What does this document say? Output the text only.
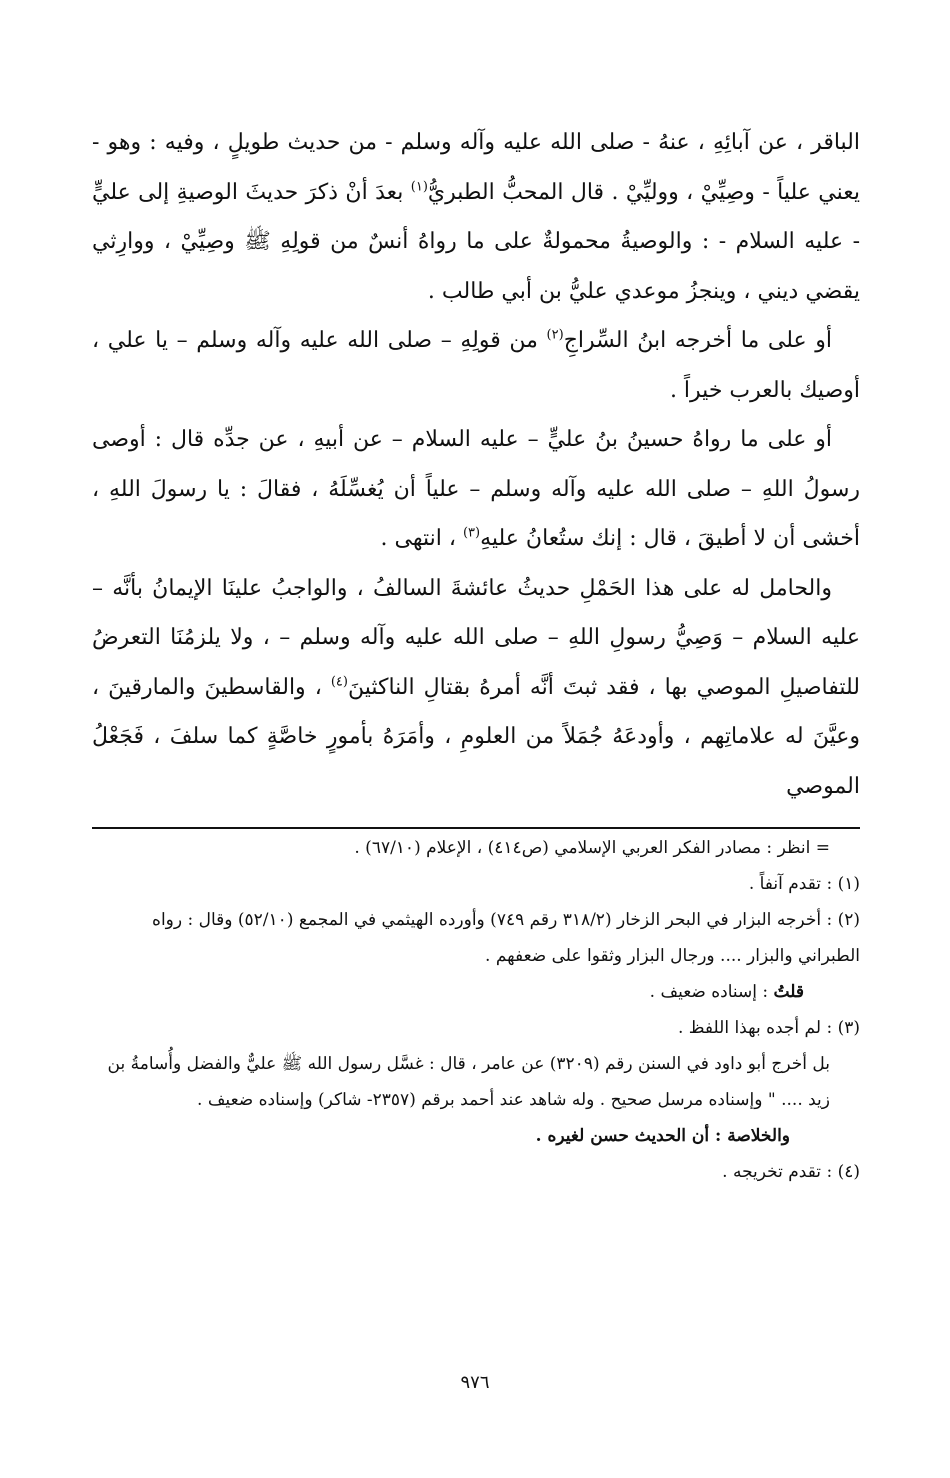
الباقر ، عن آبائِهِ ، عنهُ - صلى الله عليه وآله وسلم - من حديث طويلٍ ، وفيه : وهو - يعني علياً - وصِيِّيْ ، ووليِّيْ . قال المحبُّ الطبريُّ$^{(١)}$ بعدَ أنْ ذكرَ حديثَ الوصيةِ إلى عليٍّ - عليه السلام - : والوصيةُ محمولةٌ على ما رواهُ أنسٌ من قولِهِ ﷺ وصِيِّيْ ، ووارِثي يقضي ديني ، وينجزُ موعدي عليُّ بن أبي طالب .

أو على ما أخرجه ابنُ السِّراجِ$^{(٢)}$ من قولِهِ – صلى الله عليه وآله وسلم – يا علي ، أوصيك بالعرب خيراً .

أو على ما رواهُ حسينُ بنُ عليٍّ – عليه السلام – عن أبيهِ ، عن جدِّه قال : أوصى رسولُ اللهِ – صلى الله عليه وآله وسلم – علياً أن يُغسِّلَهُ ، فقالَ : يا رسولَ اللهِ ، أخشى أن لا أطيقَ ، قال : إنك ستُعانُ عليهِ$^{(٣)}$ ، انتهى .

والحامل له على هذا الحَمْلِ حديثُ عائشةَ السالفُ ، والواجبُ علينَا الإيمانُ بأنَّه – عليه السلام – وَصِيُّ رسولِ اللهِ – صلى الله عليه وآله وسلم – ، ولا يلزمُنَا التعرضُ للتفاصيلِ الموصي بها ، فقد ثبتَ أنَّه أمرهُ بقتالِ الناكثينَ$^{(٤)}$ ، والقاسطينَ والمارقينَ ، وعيَّنَ له علاماتِهم ، وأودعَهُ جُمَلاً من العلومِ ، وأمَرَهُ بأمورٍ خاصَّةٍ كما سلفَ ، فَجَعْلُ الموصي

= انظر : مصادر الفكر العربي الإسلامي (ص٤١٤) ، الإعلام (٦٧/١٠) .

(١) : تقدم آنفاً .

(٢) : أخرجه البزار في البحر الزخار (٣١٨/٢ رقم ٧٤٩) وأورده الهيثمي في المجمع (٥٢/١٠) وقال : رواه الطبراني والبزار .... ورجال البزار وثقوا على ضعفهم .

قلتُ : إسناده ضعيف .

(٣) : لم أجده بهذا اللفظ .

بل أخرج أبو داود في السنن رقم (٣٢٠٩) عن عامر ، قال : غسَّل رسول الله ﷺ عليٌّ والفضل وأُسامةُ بن زيد .... " وإسناده مرسل صحيح . وله شاهد عند أحمد برقم (٢٣٥٧- شاكر) وإسناده ضعيف .

والخلاصة : أن الحديث حسن لغيره .

(٤) : تقدم تخريجه .

٩٧٦
